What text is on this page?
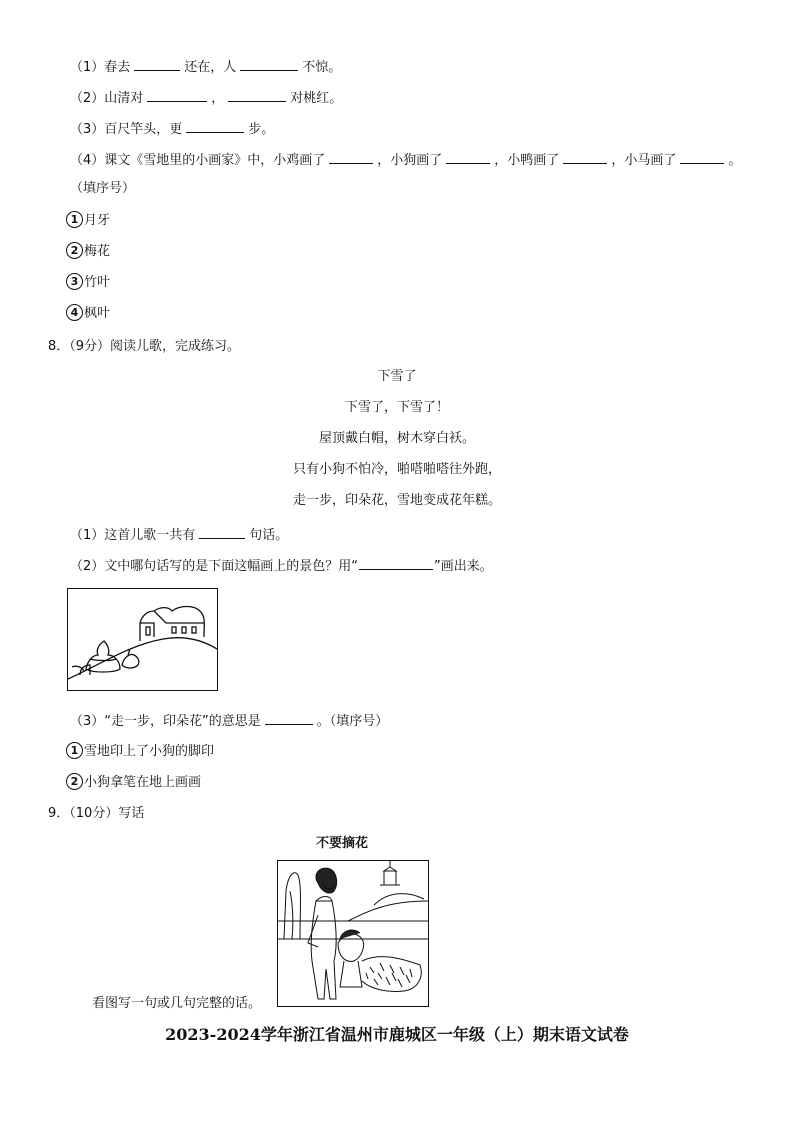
（1）春去	还在，人	不惊。
（2）山清对	，	对桃红。
（3）百尺竿头，更	步。
（4）课文《雪地里的小画家》中，小鸡画了	，小狗画了	，小鸭画了	，小马画了	。
（填序号）
1 月牙
2 梅花
3 竹叶
4 枫叶
8．（9分）阅读儿歌，完成练习。
下雪了
下雪了，下雪了！
屋顶戴白帽，树木穿白袄。
只有小狗不怕冷，啪嗒啪嗒往外跑，
走一步，印朵花，雪地变成花年糕。
（1）这首儿歌一共有	句话。
（2）文中哪句话写的是下面这幅画上的景色？用“	”画出来。
（3）“走一步，印朵花”的意思是	。（填序号）
1 雪地印上了小狗的脚印
2 小狗拿笔在地上画画
9．（10分）写话
不要摘花
看图写一句或几句完整的话。
2023-2024学年浙江省温州市鹿城区一年级（上）期末语文试卷
